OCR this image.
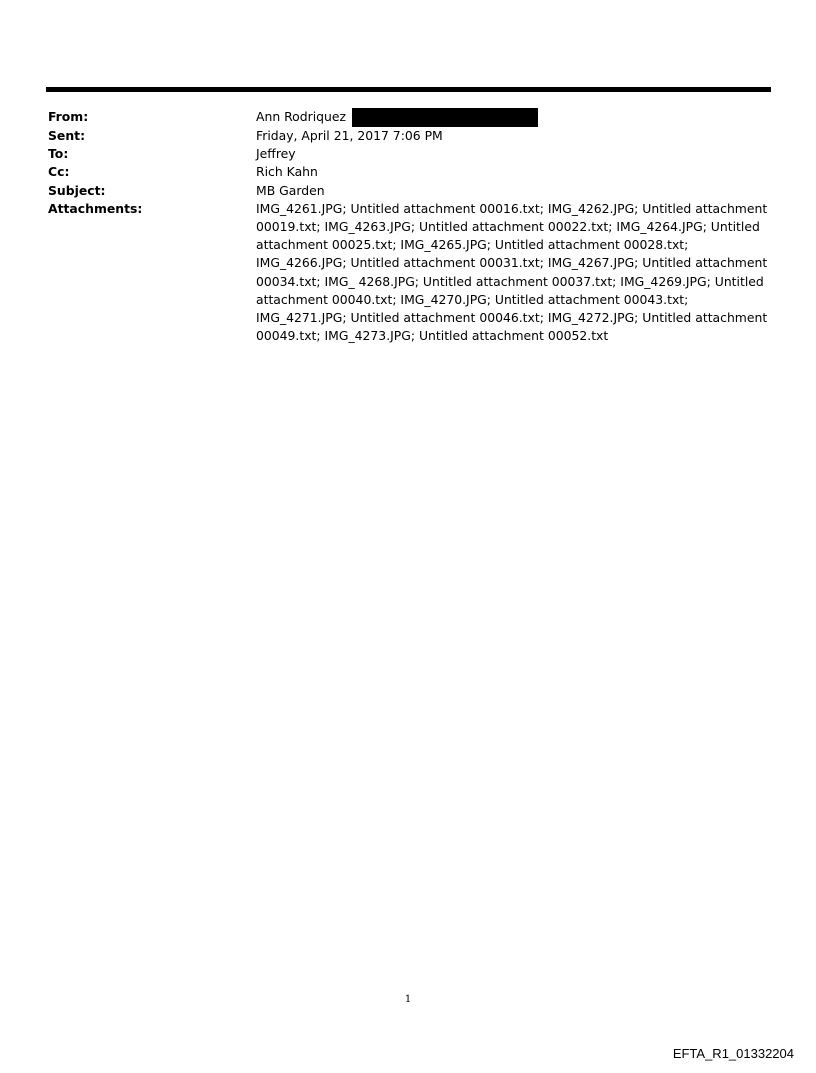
From:	Ann Rodriquez
Sent:	Friday, April 21, 2017 7:06 PM
To:	Jeffrey
Cc:	Rich Kahn
Subject:	MB Garden
Attachments:	IMG_4261.JPG; Untitled attachment 00016.txt; IMG_4262.JPG; Untitled attachment 00019.txt; IMG_4263.JPG; Untitled attachment 00022.txt; IMG_4264.JPG; Untitled attachment 00025.txt; IMG_4265.JPG; Untitled attachment 00028.txt; IMG_4266.JPG; Untitled attachment 00031.txt; IMG_4267.JPG; Untitled attachment 00034.txt; IMG_ 4268.JPG; Untitled attachment 00037.txt; IMG_4269.JPG; Untitled attachment 00040.txt; IMG_4270.JPG; Untitled attachment 00043.txt; IMG_4271.JPG; Untitled attachment 00046.txt; IMG_4272.JPG; Untitled attachment 00049.txt; IMG_4273.JPG; Untitled attachment 00052.txt
1
EFTA_R1_01332204
